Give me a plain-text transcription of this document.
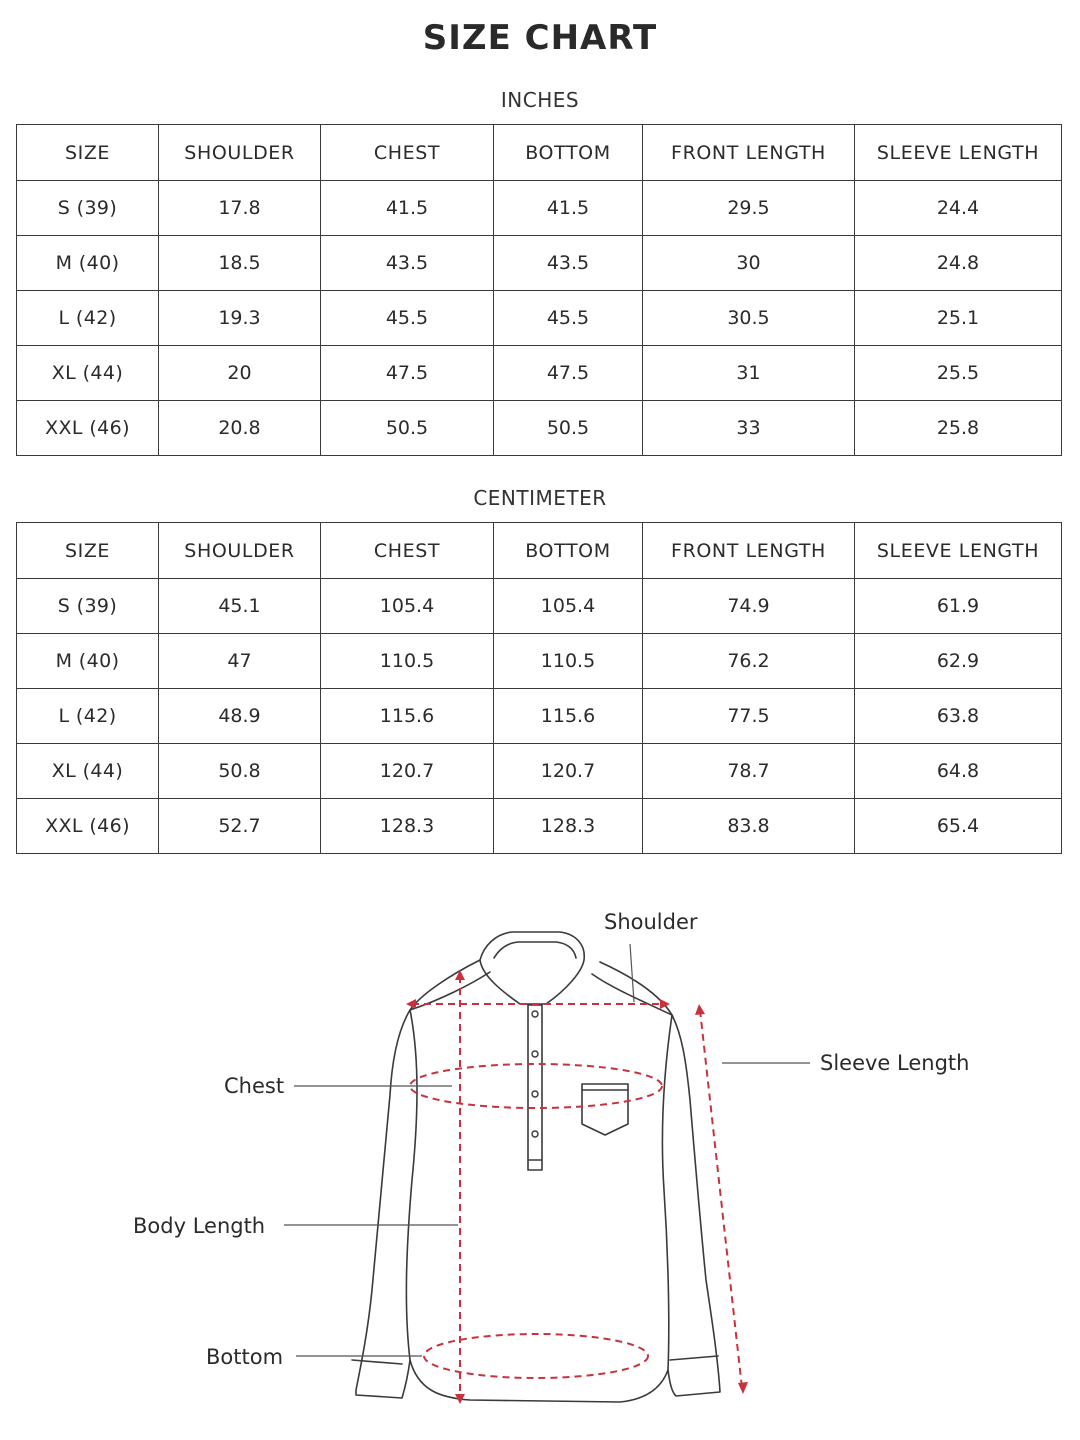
SIZE CHART
INCHES
SIZE	SHOULDER	CHEST	BOTTOM	FRONT LENGTH	SLEEVE LENGTH
S (39)	17.8	41.5	41.5	29.5	24.4
M (40)	18.5	43.5	43.5	30	24.8
L (42)	19.3	45.5	45.5	30.5	25.1
XL (44)	20	47.5	47.5	31	25.5
XXL (46)	20.8	50.5	50.5	33	25.8
CENTIMETER
SIZE	SHOULDER	CHEST	BOTTOM	FRONT LENGTH	SLEEVE LENGTH
S (39)	45.1	105.4	105.4	74.9	61.9
M (40)	47	110.5	110.5	76.2	62.9
L (42)	48.9	115.6	115.6	77.5	63.8
XL (44)	50.8	120.7	120.7	78.7	64.8
XXL (46)	52.7	128.3	128.3	83.8	65.4
Shoulder
Sleeve Length
Chest
Body Length
Bottom
